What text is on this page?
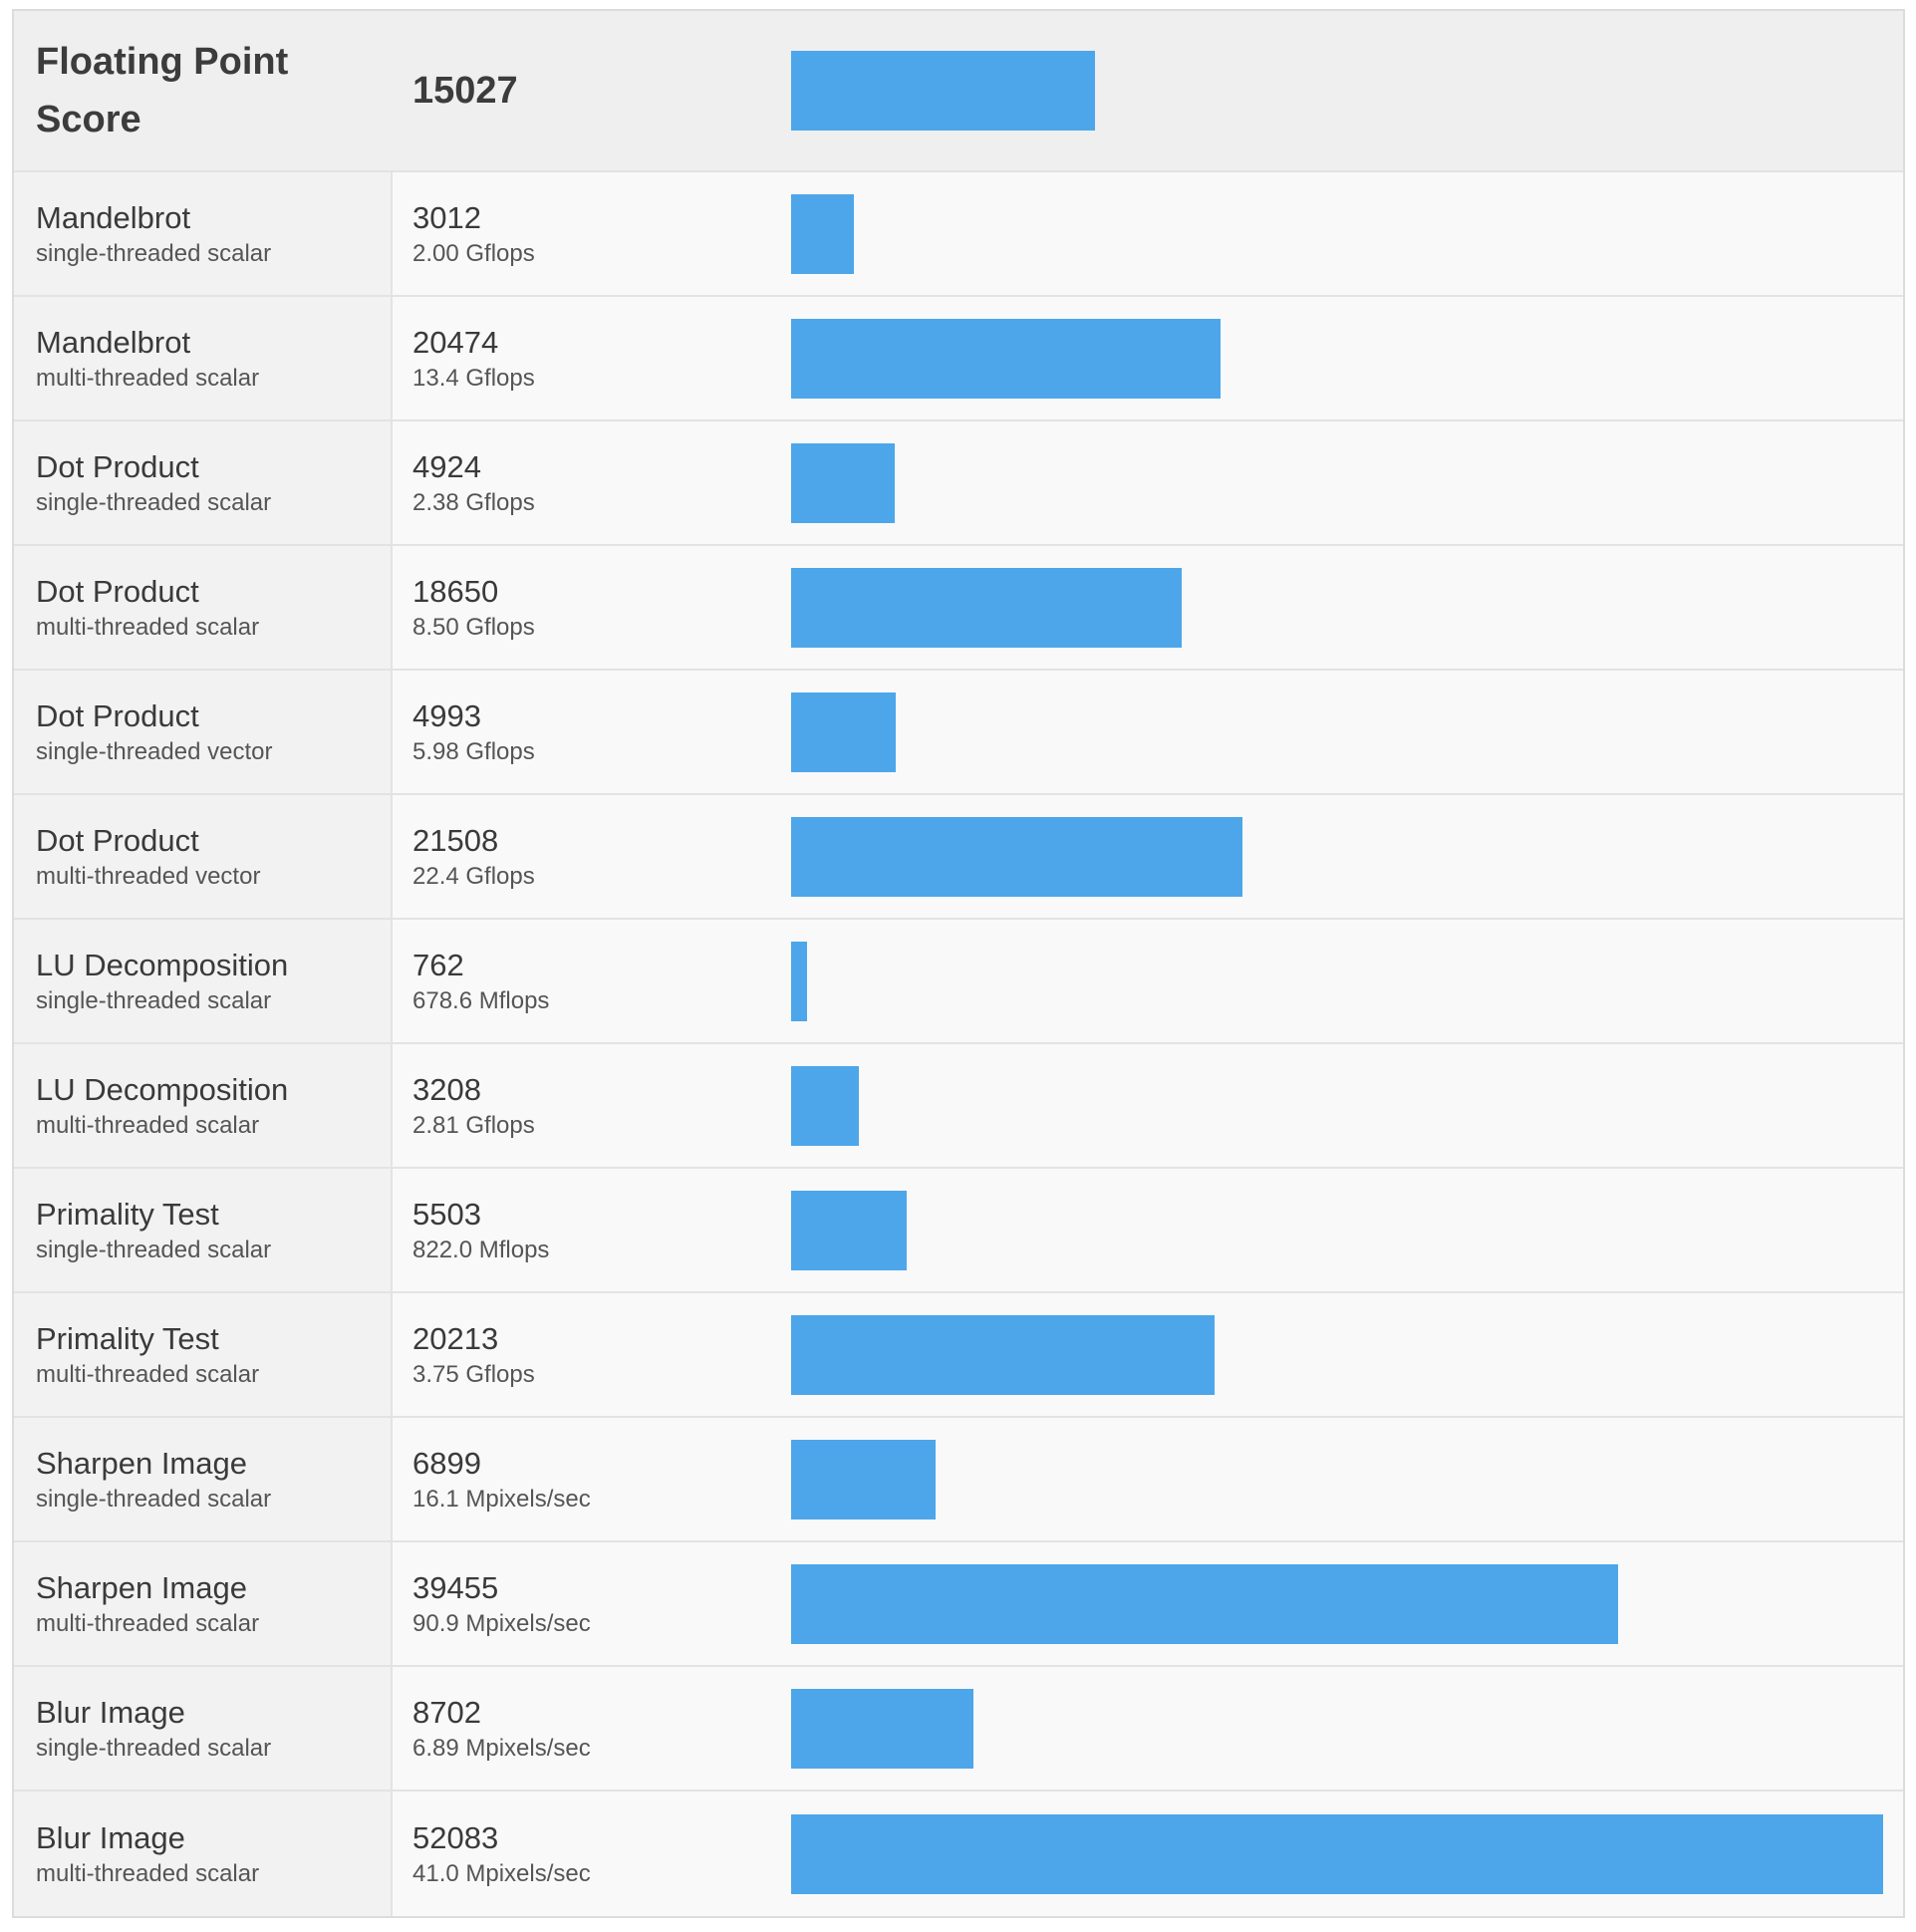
Floating Point
Score
15027
Mandelbrot
single-threaded scalar
3012
2.00 Gflops
Mandelbrot
multi-threaded scalar
20474
13.4 Gflops
Dot Product
single-threaded scalar
4924
2.38 Gflops
Dot Product
multi-threaded scalar
18650
8.50 Gflops
Dot Product
single-threaded vector
4993
5.98 Gflops
Dot Product
multi-threaded vector
21508
22.4 Gflops
LU Decomposition
single-threaded scalar
762
678.6 Mflops
LU Decomposition
multi-threaded scalar
3208
2.81 Gflops
Primality Test
single-threaded scalar
5503
822.0 Mflops
Primality Test
multi-threaded scalar
20213
3.75 Gflops
Sharpen Image
single-threaded scalar
6899
16.1 Mpixels/sec
Sharpen Image
multi-threaded scalar
39455
90.9 Mpixels/sec
Blur Image
single-threaded scalar
8702
6.89 Mpixels/sec
Blur Image
multi-threaded scalar
52083
41.0 Mpixels/sec
